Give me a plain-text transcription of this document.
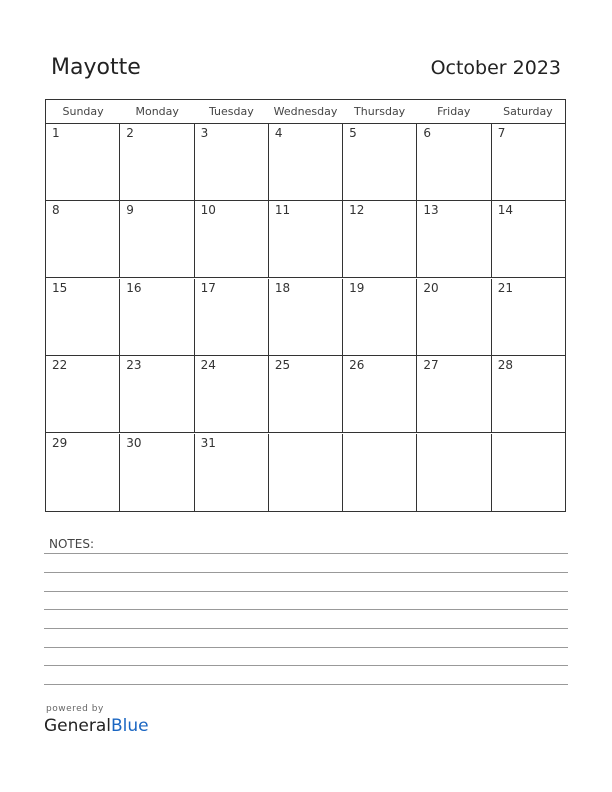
Mayotte	October 2023
Sunday	Monday	Tuesday	Wednesday	Thursday	Friday	Saturday
1	2	3	4	5	6	7
8	9	10	11	12	13	14
15	16	17	18	19	20	21
22	23	24	25	26	27	28
29	30	31
NOTES:
powered by
GeneralBlue
